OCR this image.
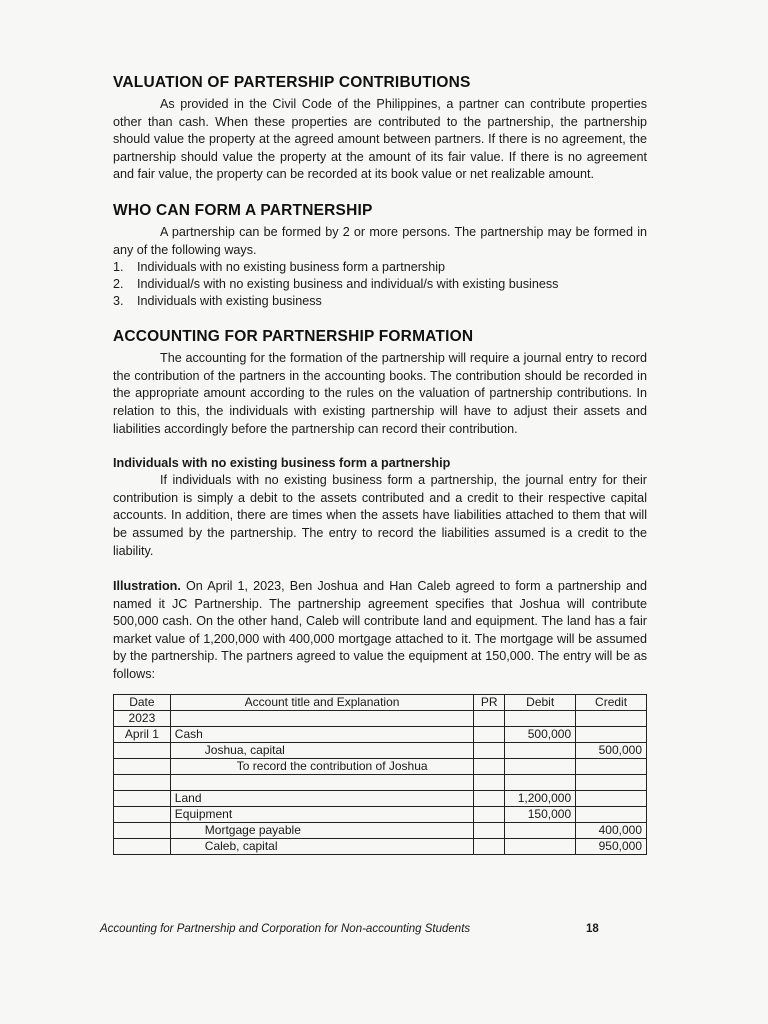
VALUATION OF PARTERSHIP CONTRIBUTIONS

As provided in the Civil Code of the Philippines, a partner can contribute properties other than cash. When these properties are contributed to the partnership, the partnership should value the property at the agreed amount between partners. If there is no agreement, the partnership should value the property at the amount of its fair value. If there is no agreement and fair value, the property can be recorded at its book value or net realizable amount.

WHO CAN FORM A PARTNERSHIP

A partnership can be formed by 2 or more persons. The partnership may be formed in any of the following ways.

1.	Individuals with no existing business form a partnership
2.	Individual/s with no existing business and individual/s with existing business
3.	Individuals with existing business
ACCOUNTING FOR PARTNERSHIP FORMATION

The accounting for the formation of the partnership will require a journal entry to record the contribution of the partners in the accounting books. The contribution should be recorded in the appropriate amount according to the rules on the valuation of partnership contributions. In relation to this, the individuals with existing partnership will have to adjust their assets and liabilities accordingly before the partnership can record their contribution.

Individuals with no existing business form a partnership

If individuals with no existing business form a partnership, the journal entry for their contribution is simply a debit to the assets contributed and a credit to their respective capital accounts. In addition, there are times when the assets have liabilities attached to them that will be assumed by the partnership. The entry to record the liabilities assumed is a credit to the liability.

Illustration. On April 1, 2023, Ben Joshua and Han Caleb agreed to form a partnership and named it JC Partnership. The partnership agreement specifies that Joshua will contribute 500,000 cash. On the other hand, Caleb will contribute land and equipment. The land has a fair market value of 1,200,000 with 400,000 mortgage attached to it. The mortgage will be assumed by the partnership. The partners agreed to value the equipment at 150,000. The entry will be as follows:

Date	Account title and Explanation	PR	Debit	Credit
2023				
April 1	Cash		500,000	
	Joshua, capital			500,000
	To record the contribution of Joshua			

	Land		1,200,000	
	Equipment		150,000	
	Mortgage payable			400,000
	Caleb, capital			950,000
Accounting for Partnership and Corporation for Non-accounting Students	18
